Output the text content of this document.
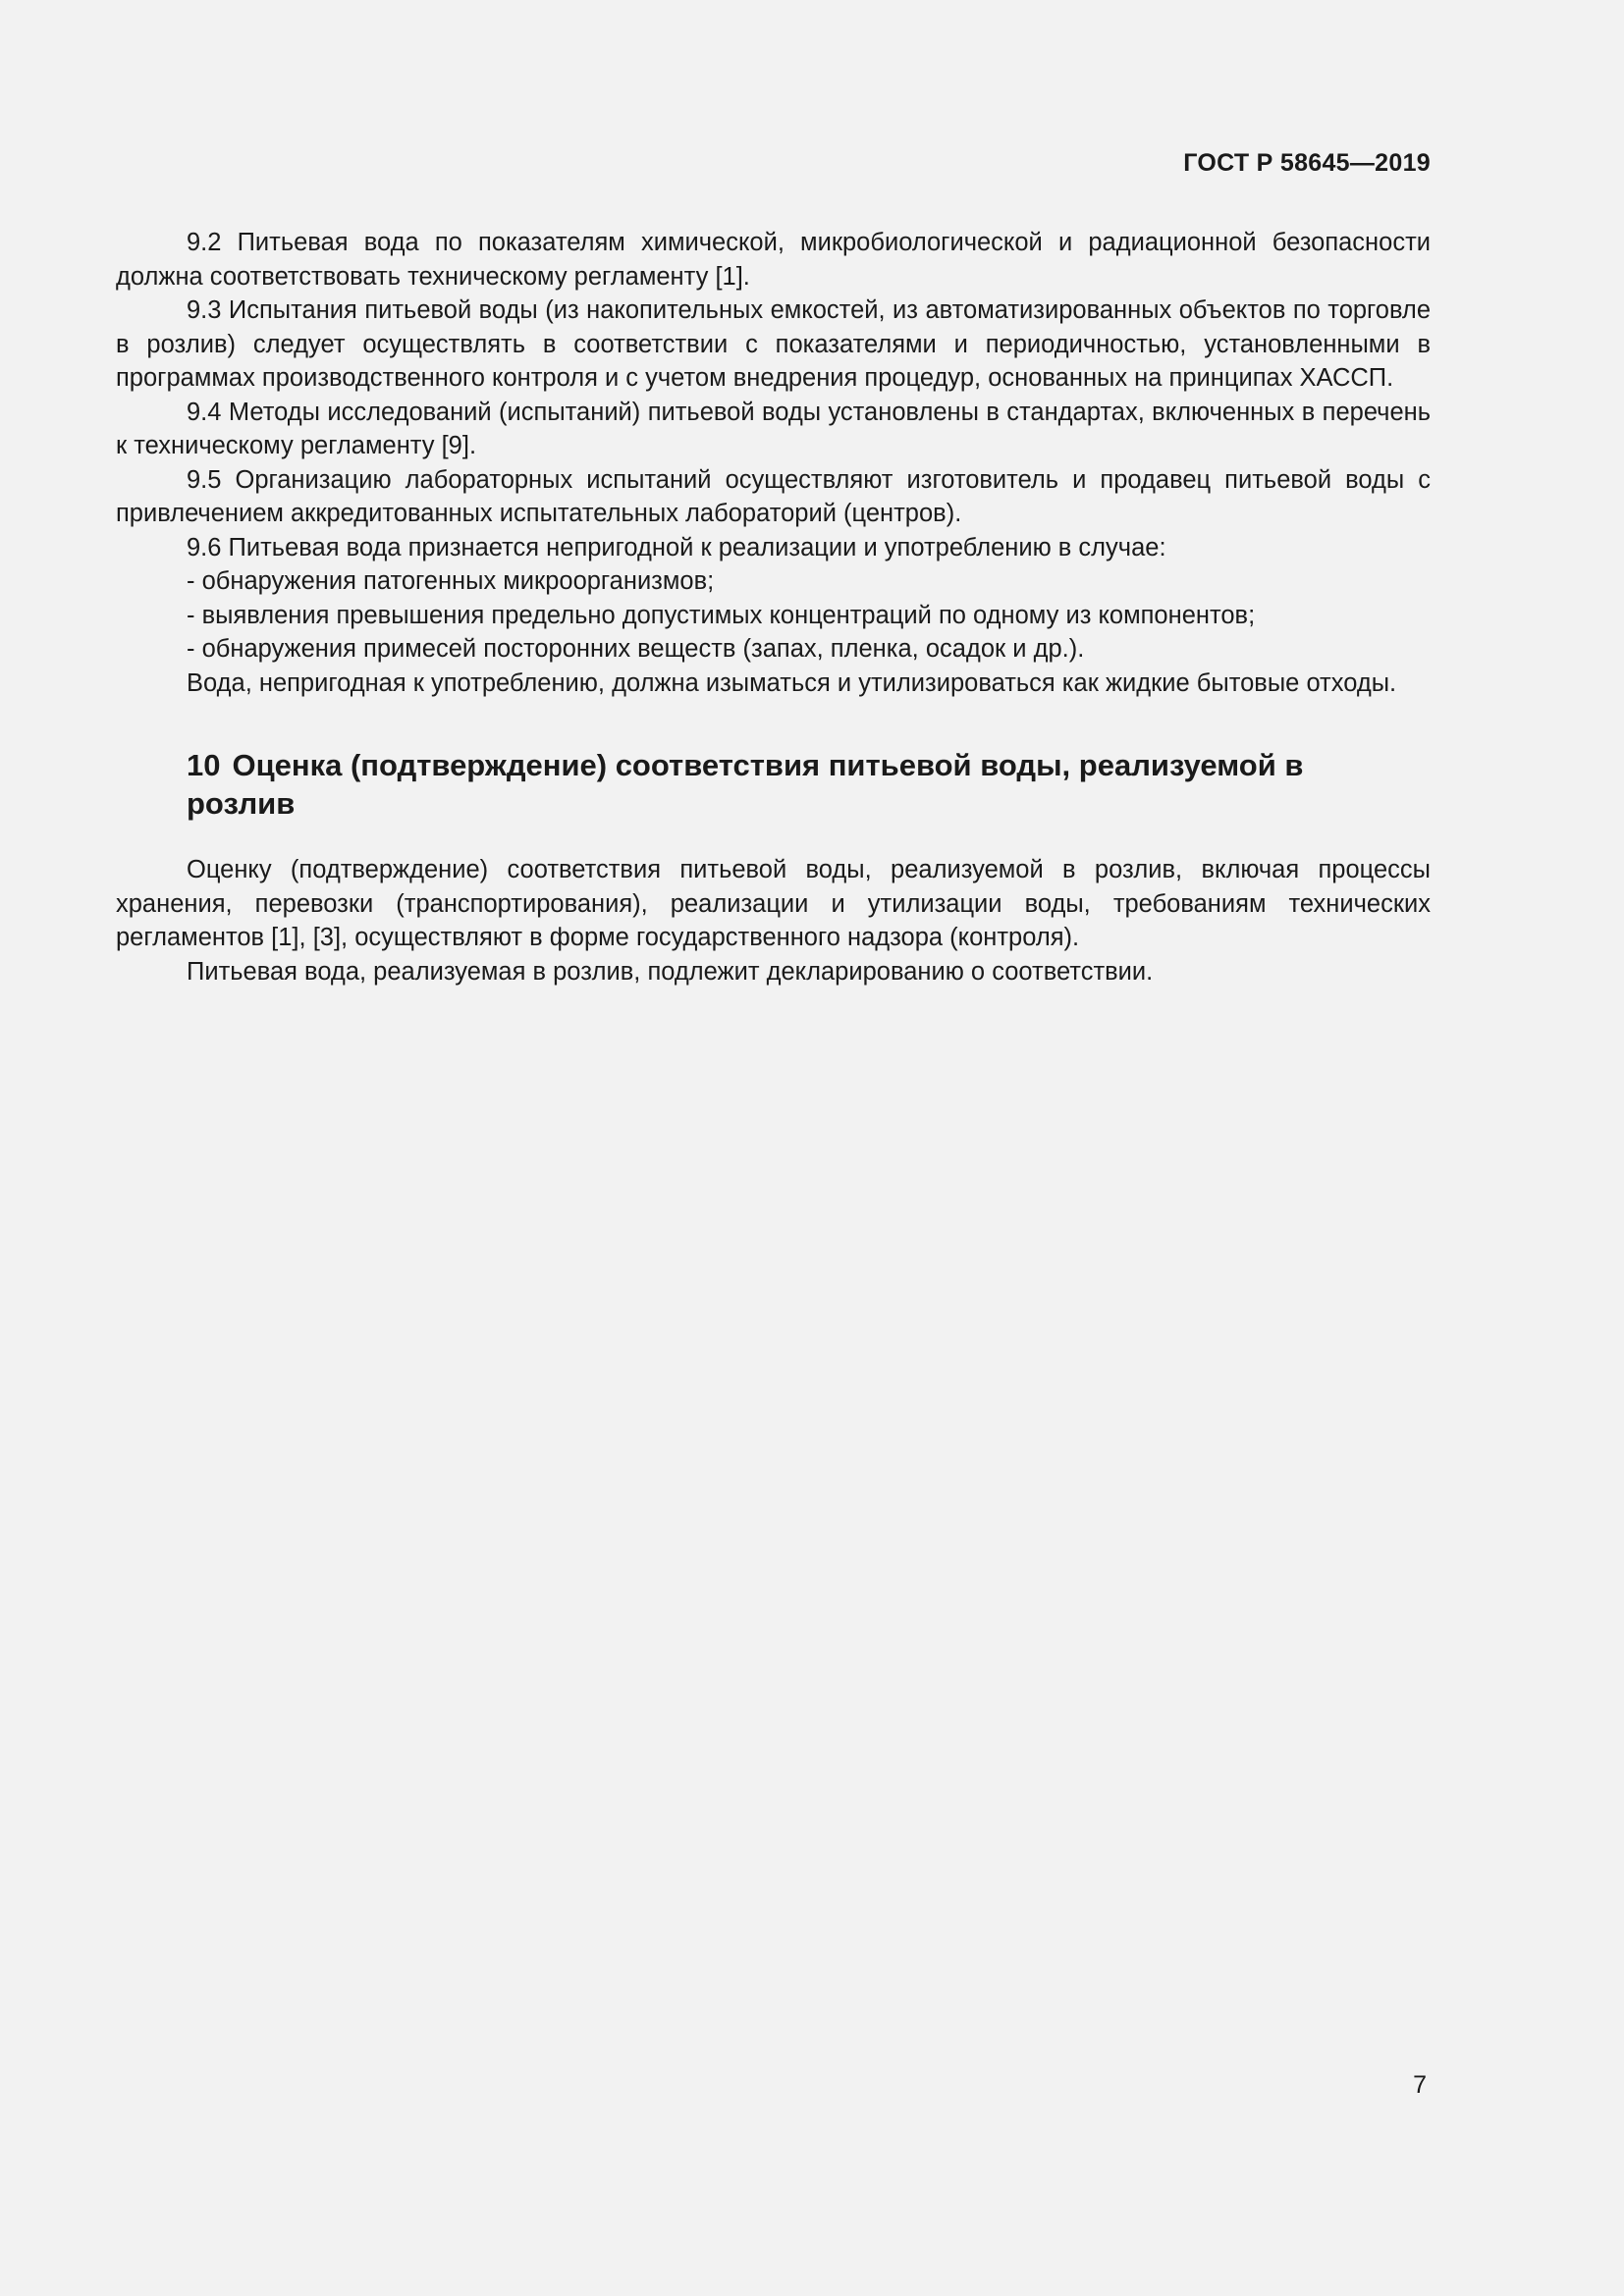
ГОСТ Р 58645—2019

9.2 Питьевая вода по показателям химической, микробиологической и радиационной безопасности должна соответствовать техническому регламенту [1].

9.3 Испытания питьевой воды (из накопительных емкостей, из автоматизированных объектов по торговле в розлив) следует осуществлять в соответствии с показателями и периодичностью, установленными в программах производственного контроля и с учетом внедрения процедур, основанных на принципах ХАССП.

9.4 Методы исследований (испытаний) питьевой воды установлены в стандартах, включенных в перечень к техническому регламенту [9].

9.5 Организацию лабораторных испытаний осуществляют изготовитель и продавец питьевой воды с привлечением аккредитованных испытательных лабораторий (центров).

9.6 Питьевая вода признается непригодной к реализации и употреблению в случае:

- обнаружения патогенных микроорганизмов;

- выявления превышения предельно допустимых концентраций по одному из компонентов;

- обнаружения примесей посторонних веществ (запах, пленка, осадок и др.).

Вода, непригодная к употреблению, должна изыматься и утилизироваться как жидкие бытовые отходы.

10 Оценка (подтверждение) соответствия питьевой воды, реализуемой в розлив

Оценку (подтверждение) соответствия питьевой воды, реализуемой в розлив, включая процессы хранения, перевозки (транспортирования), реализации и утилизации воды, требованиям технических регламентов [1], [3], осуществляют в форме государственного надзора (контроля).

Питьевая вода, реализуемая в розлив, подлежит декларированию о соответствии.

7
